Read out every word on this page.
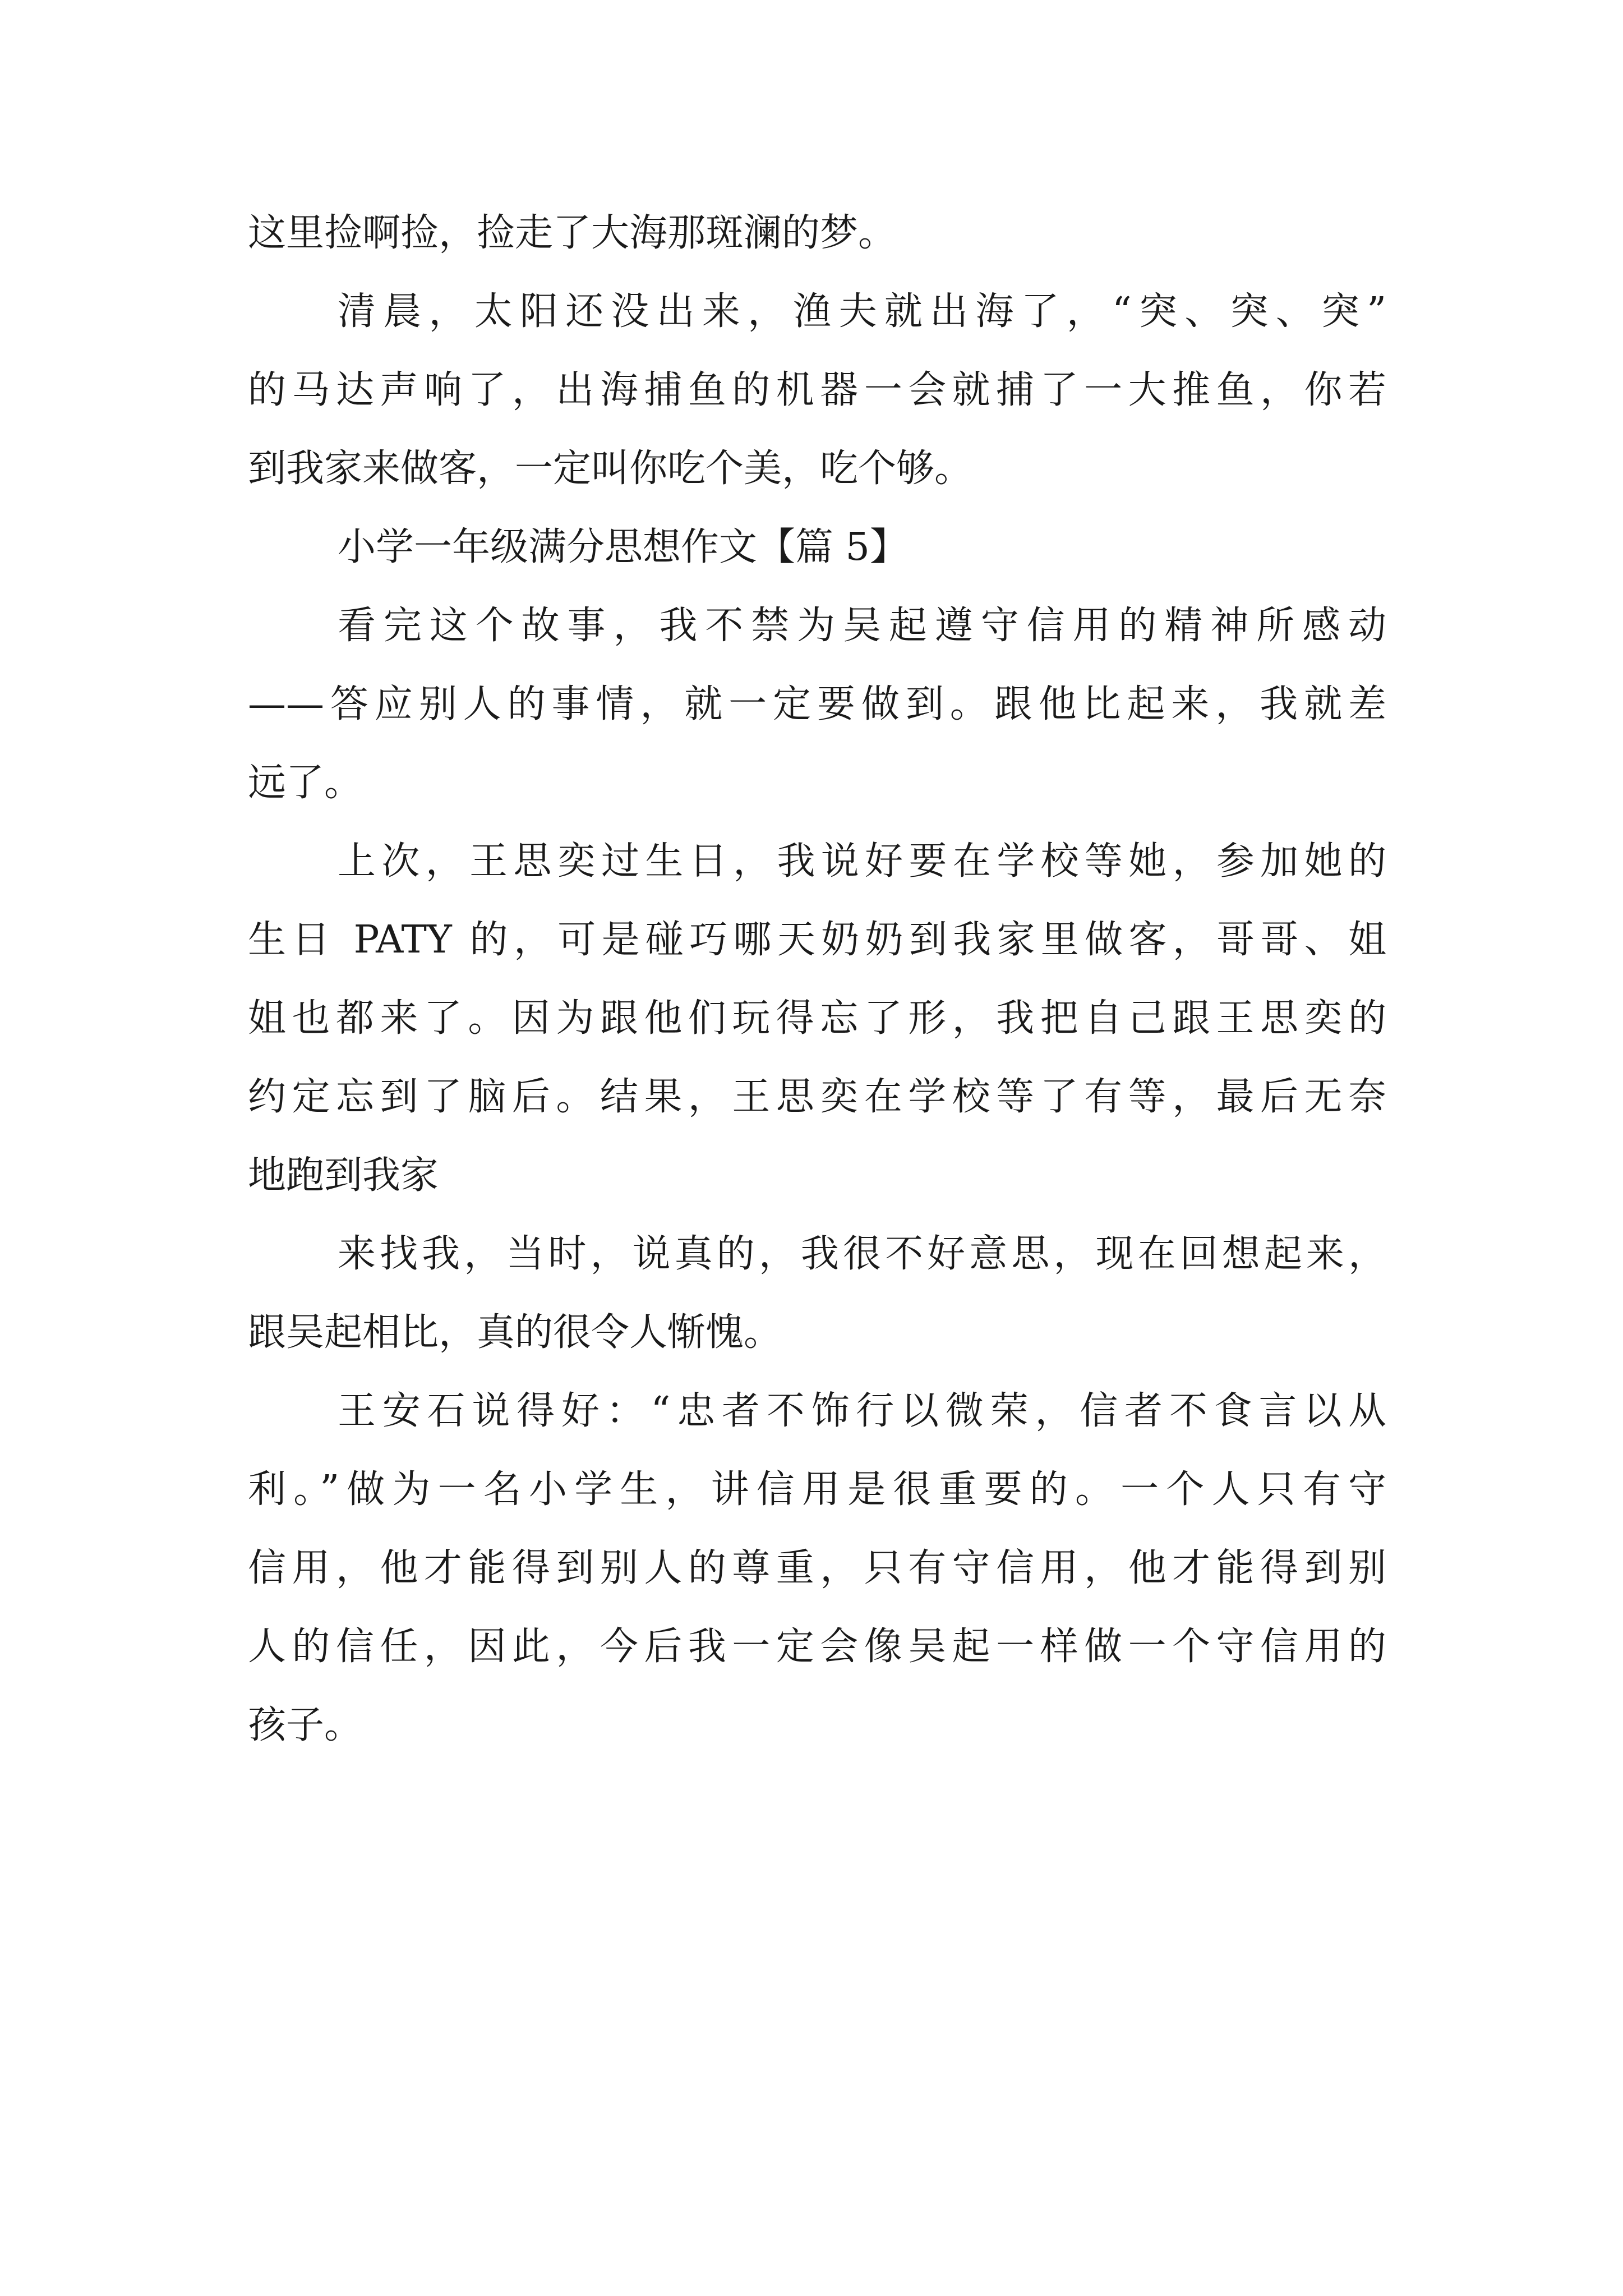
这里捡啊捡，捡走了大海那斑澜的梦。
清晨，太阳还没出来，渔夫就出海了，“突、突、突”
的马达声响了，出海捕鱼的机器一会就捕了一大推鱼，你若
到我家来做客，一定叫你吃个美，吃个够。
小学一年级满分思想作文【篇 5】
看完这个故事，我不禁为吴起遵守信用的精神所感动
——答应别人的事情，就一定要做到。跟他比起来，我就差
远了。
上次，王思奕过生日，我说好要在学校等她，参加她的
生日 PATY 的，可是碰巧哪天奶奶到我家里做客，哥哥、姐
姐也都来了。因为跟他们玩得忘了形，我把自己跟王思奕的
约定忘到了脑后。结果，王思奕在学校等了有等，最后无奈
地跑到我家
来找我，当时，说真的，我很不好意思，现在回想起来，
跟吴起相比，真的很令人惭愧。
王安石说得好：“忠者不饰行以微荣，信者不食言以从
利。”做为一名小学生，讲信用是很重要的。一个人只有守
信用，他才能得到别人的尊重，只有守信用，他才能得到别
人的信任，因此，今后我一定会像吴起一样做一个守信用的
孩子。
